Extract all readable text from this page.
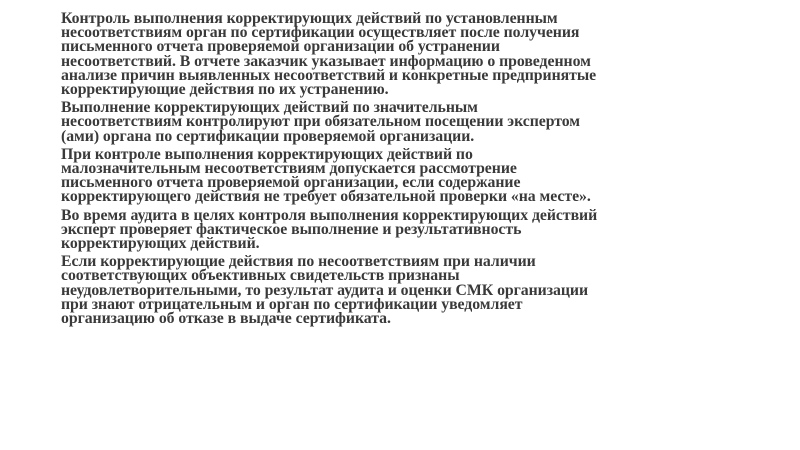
Контроль выполнения корректирующих действий по установленным
несоответствиям орган по сертификации осуществляет после получения
письменного отчета проверяемой организации об устранении
несоответствий. В отчете заказчик указывает информацию о проведенном
анализе причин выявленных несоответствий и конкретные предпринятые
корректирующие действия по их устранению.

Выполнение корректирующих действий по значительным
несоответствиям контролируют при обязательном посещении экспертом
(ами) органа по сертификации проверяемой организации.

При контроле выполнения корректирующих действий по
малозначительным несоответствиям допускается рассмотрение
письменного отчета проверяемой организации, если содержание
корректирующего действия не требует обязательной проверки «на месте».

Во время аудита в целях контроля выполнения корректирующих действий
эксперт проверяет фактическое выполнение и результативность
корректирующих действий.

Если корректирующие действия по несоответствиям при наличии
соответствующих объективных свидетельств признаны
неудовлетворительными, то результат аудита и оценки СМК организации
при знают отрицательным и орган по сертификации уведомляет
организацию об отказе в выдаче сертификата.
